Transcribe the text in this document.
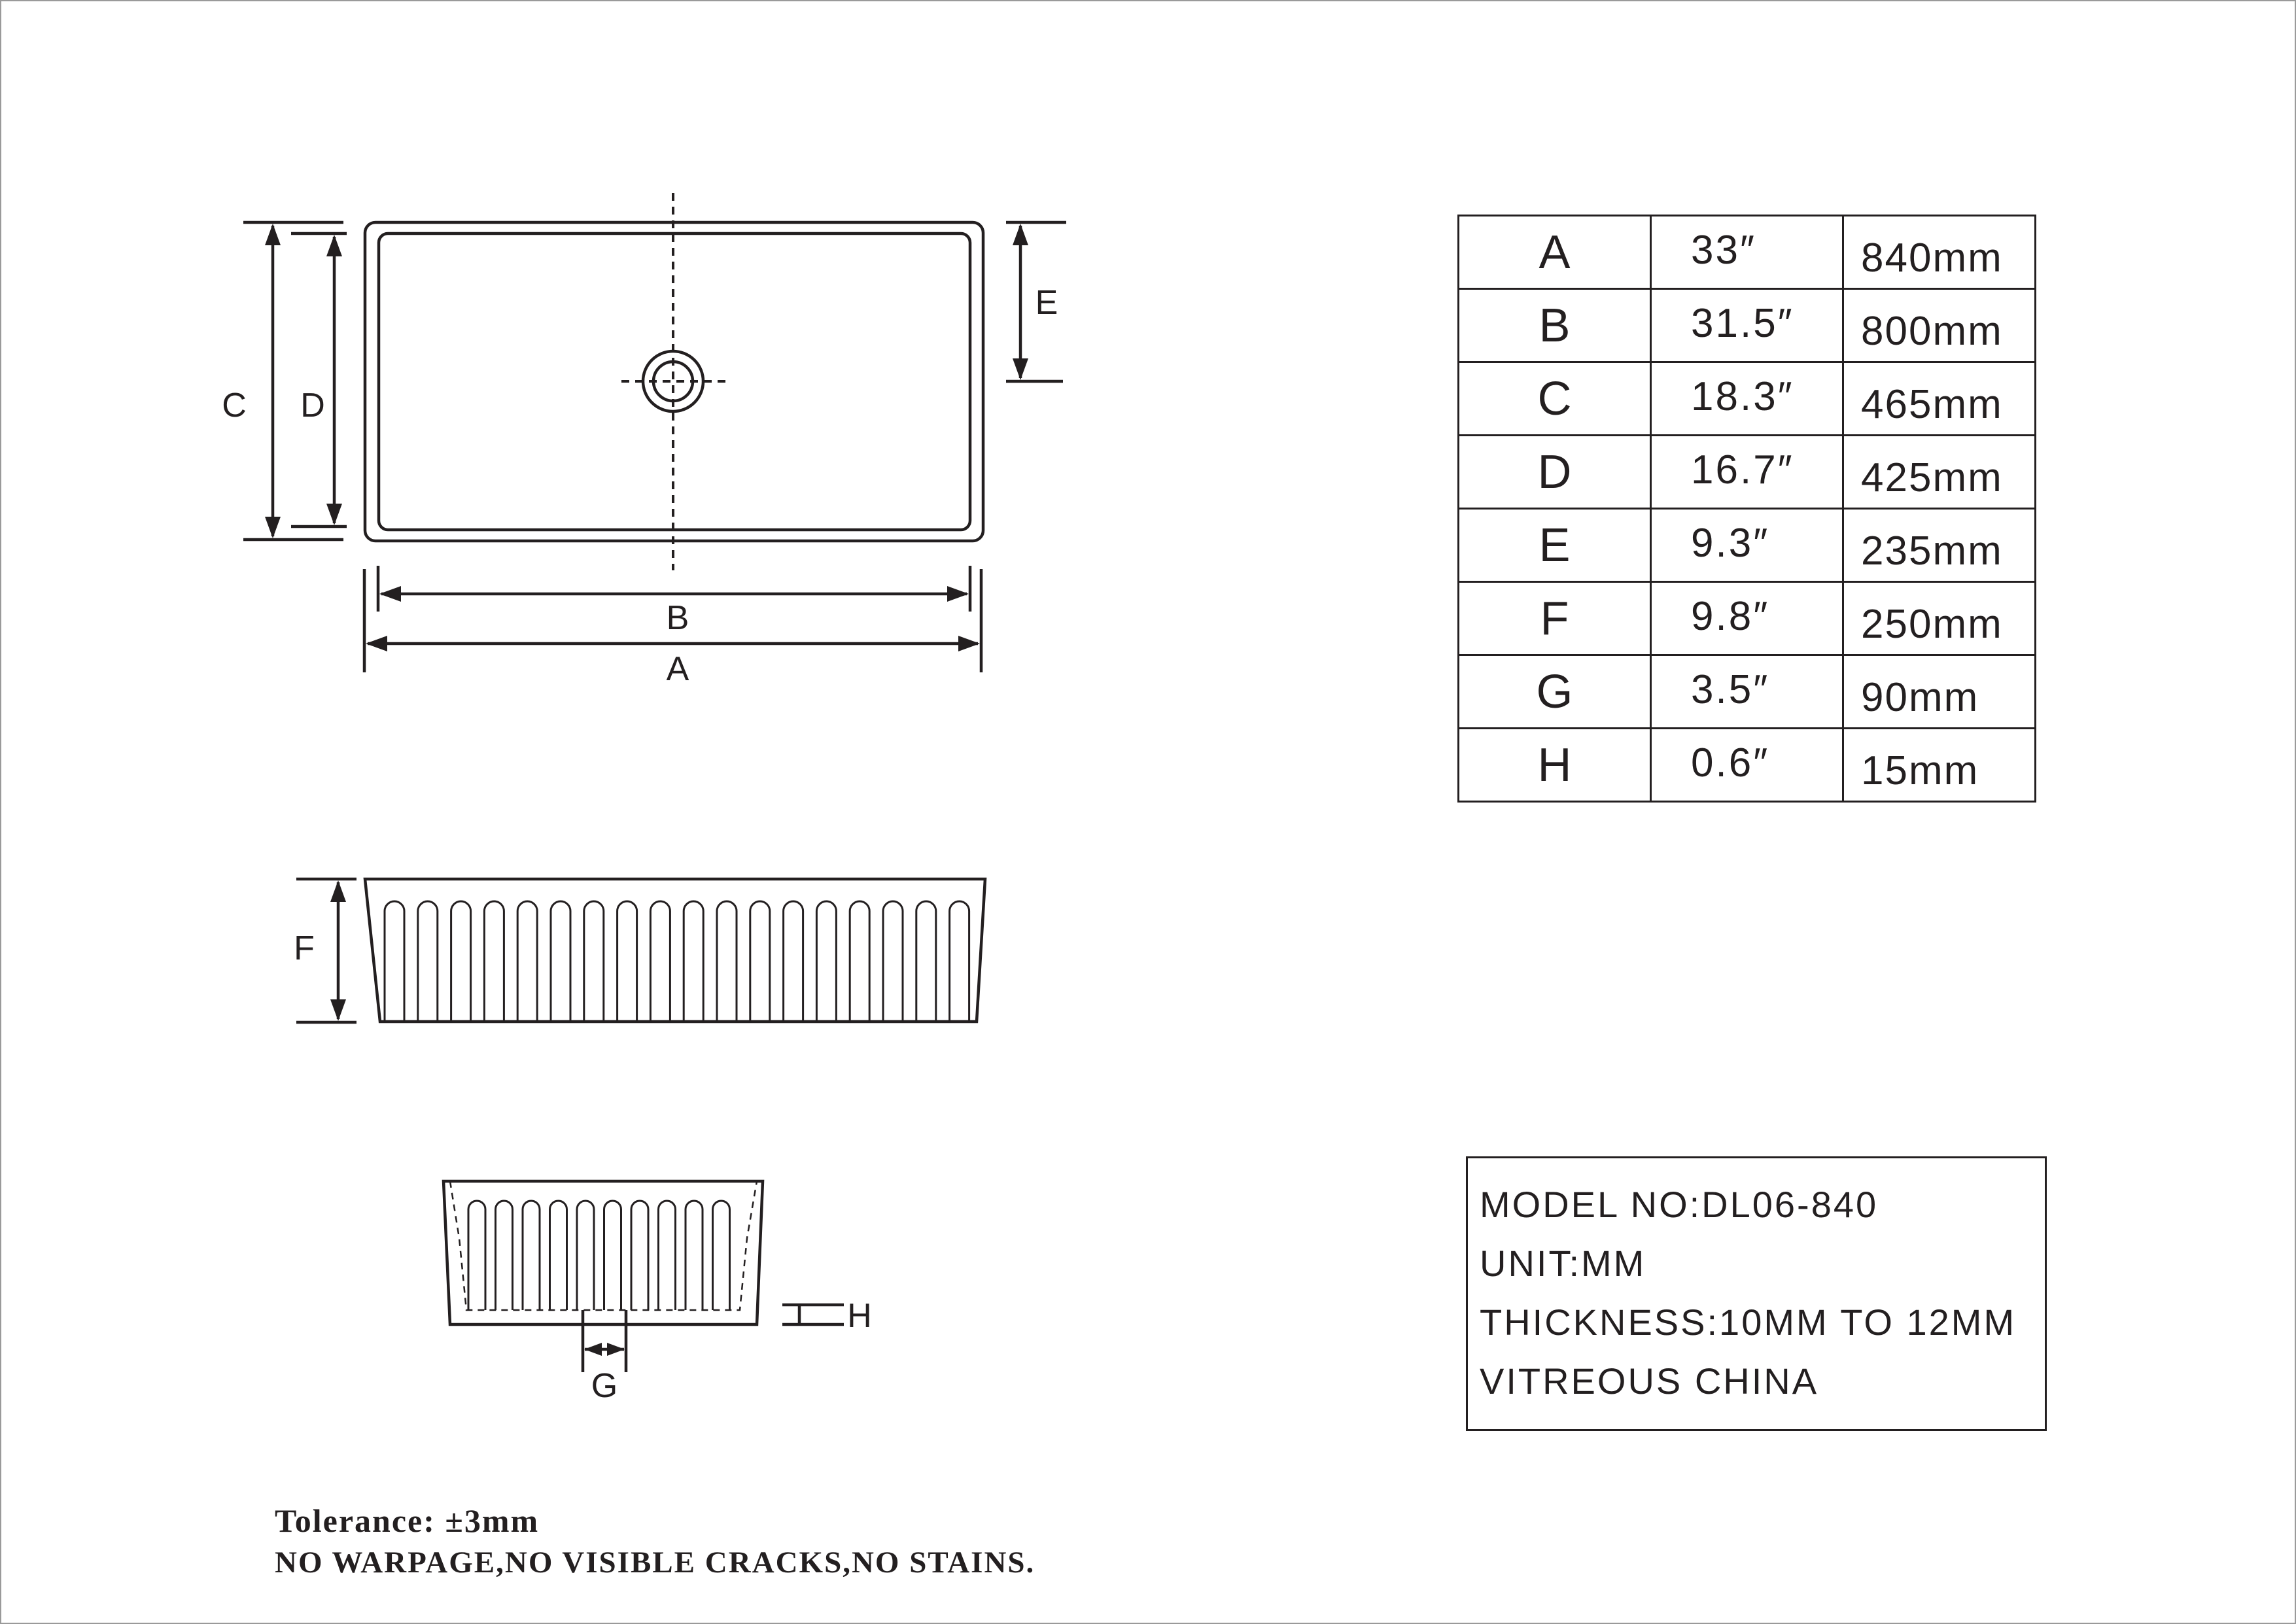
C D
E
B
A
F
G
H
A	33″	840mm
B	31.5″	800mm
C	18.3″	465mm
D	16.7″	425mm
E	9.3″	235mm
F	9.8″	250mm
G	3.5″	90mm
H	0.6″	15mm
MODEL NO:DL06-840
UNIT:MM
THICKNESS:10MM TO 12MM
VITREOUS CHINA
Tolerance: ±3mm
NO WARPAGE,NO VISIBLE CRACKS,NO STAINS.
